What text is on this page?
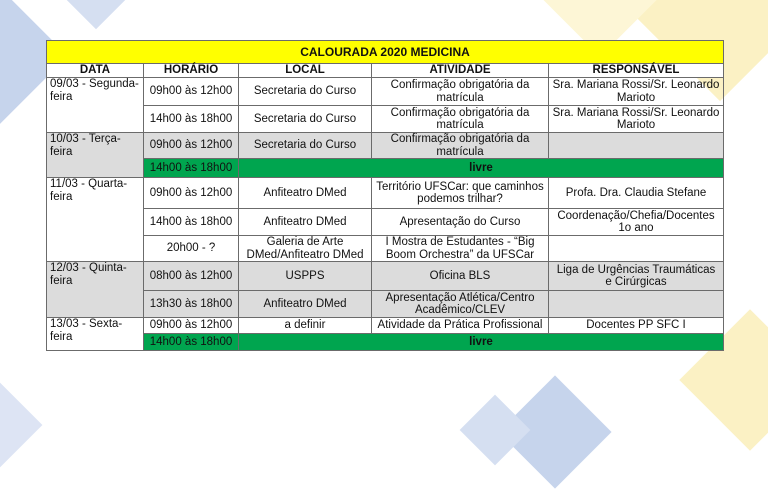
CALOURADA 2020 MEDICINA				
DATA	HORÁRIO	LOCAL	ATIVIDADE	RESPONSÁVEL
09/03 - Segunda-feira	09h00 às 12h00	Secretaria do Curso	Confirmação obrigatória da matrícula	Sra. Mariana Rossi/Sr. Leonardo Marioto
	14h00 às 18h00	Secretaria do Curso	Confirmação obrigatória da matrícula	Sra. Mariana Rossi/Sr. Leonardo Marioto
10/03 - Terça-feira	09h00 às 12h00	Secretaria do Curso	Confirmação obrigatória da matrícula	
	14h00 às 18h00	livre		
11/03 - Quarta-feira	09h00 às 12h00	Anfiteatro DMed	Território UFSCar: que caminhos podemos trilhar?	Profa. Dra. Claudia Stefane
	14h00 às 18h00	Anfiteatro DMed	Apresentação do Curso	Coordenação/Chefia/Docentes 1o ano
	20h00 - ?	Galeria de Arte DMed/Anfiteatro DMed	I Mostra de Estudantes - “Big Boom Orchestra” da UFSCar	
12/03 - Quinta-feira	08h00 às 12h00	USPPS	Oficina BLS	Liga de Urgências Traumáticas e Cirúrgicas
	13h30 às 18h00	Anfiteatro DMed	Apresentação Atlética/Centro Acadêmico/CLEV	
13/03 - Sexta-feira	09h00 às 12h00	a definir	Atividade da Prática Profissional	Docentes PP SFC I
	14h00 às 18h00	livre		
